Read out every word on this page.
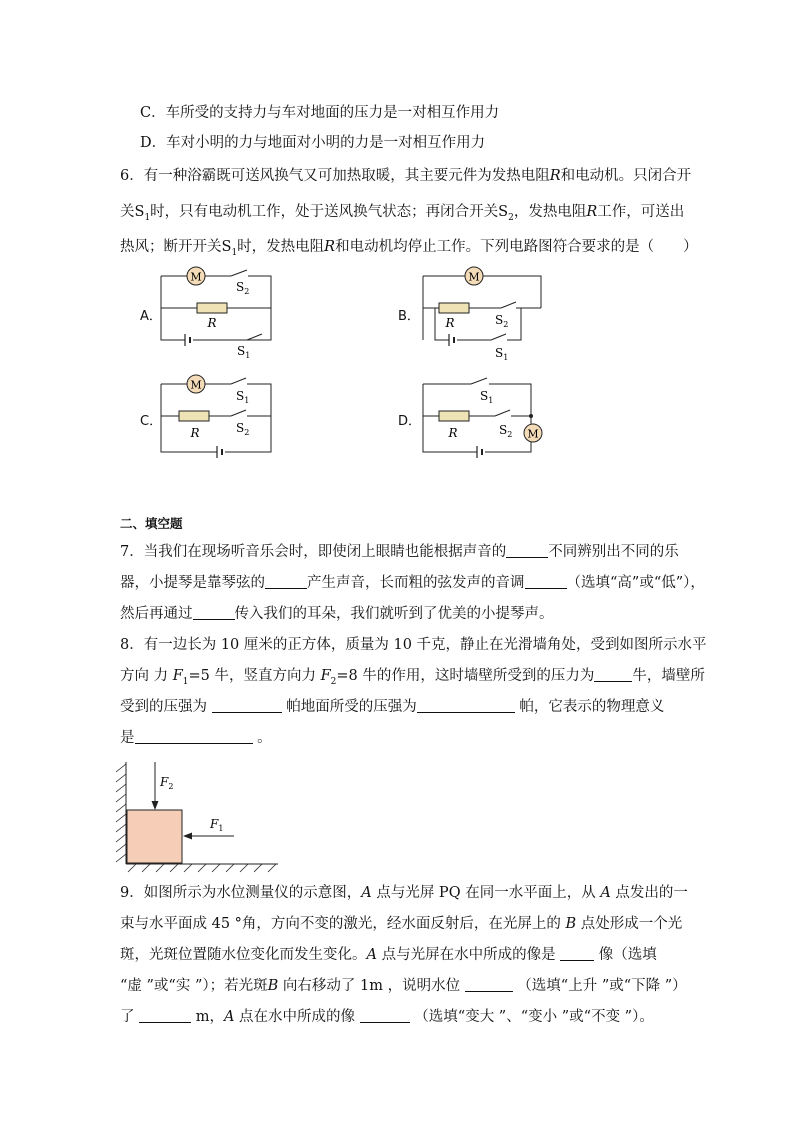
C．车所受的支持力与车对地面的压力是一对相互作用力
D．车对小明的力与地面对小明的力是一对相互作用力
6．有一种浴霸既可送风换气又可加热取暖，其主要元件为发热电阻R和电动机。只闭合开
关$S_1$时，只有电动机工作，处于送风换气状态；再闭合开关$S_2$，发热电阻R工作，可送出
热风；断开开关$S_1$时，发热电阻R和电动机均停止工作。下列电路图符合要求的是（　　）
A．	B．
C．	D．
M
R
$S_2$
$S_1$
M
R	$S_2$
$S_1$
M
R
$S_1$
$S_2$	M
R
$S_1$
$S_2$
二、填空题
7．当我们在现场听音乐会时，即使闭上眼睛也能根据声音的	不同辨别出不同的乐
器，小提琴是靠琴弦的	产生声音，长而粗的弦发声的音调	（选填“高”或“低”），
然后再通过	传入我们的耳朵，我们就听到了优美的小提琴声。
8．有一边长为 10 厘米的正方体，质量为 10 千克，静止在光滑墙角处，受到如图所示水平
方向 力 $F_1=5$ 牛，竖直方向力 $F_2=8$ 牛的作用，这时墙壁所受到的压力为	牛，墙壁所
受到的压强为	帕地面所受的压强为	帕，它表示的物理意义
是	。
$F_2$
$F_1$
9．如图所示为水位测量仪的示意图，A 点与光屏 PQ 在同一水平面上，从 A 点发出的一
束与水平面成 45 °角，方向不变的激光，经水面反射后，在光屏上的 B 点处形成一个光
斑，光斑位置随水位变化而发生变化。A 点与光屏在水中所成的像是  像（选填
“虚 ”或“实 ”）；若光斑B 向右移动了 1m ，说明水位	（选填“上升 ”或“下降 ”）
了	m，A 点在水中所成的像	（选填“变大 ”、“变小 ”或“不变 ”）。
